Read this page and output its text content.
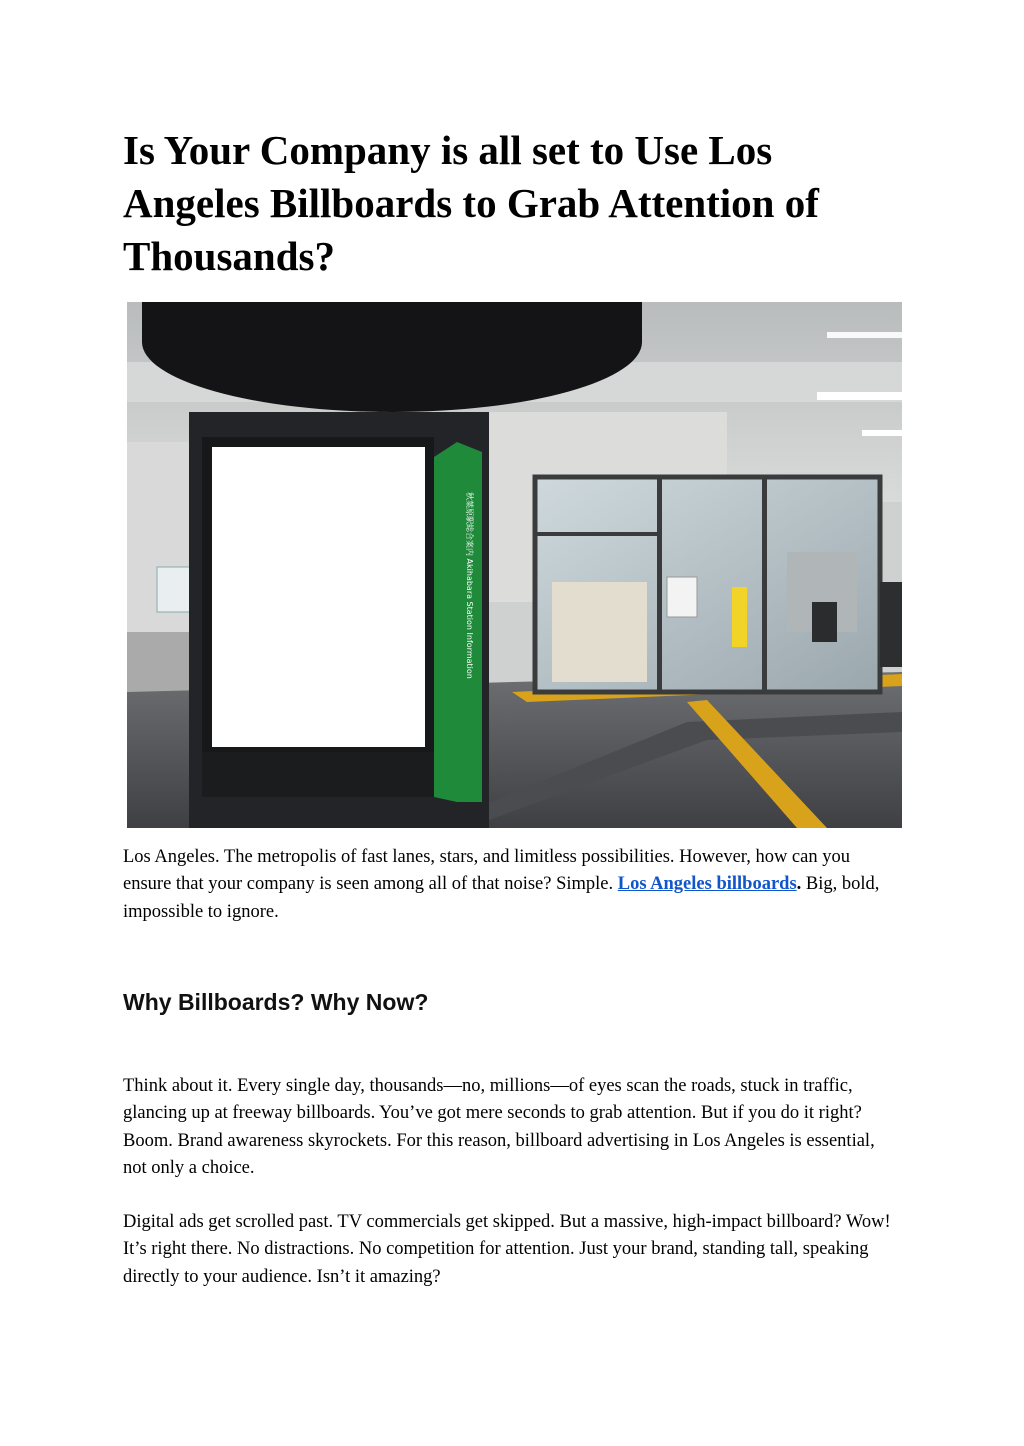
Is Your Company is all set to Use Los Angeles Billboards to Grab Attention of Thousands?
秋葉原駅総合案内 Akihabara Station Information

Los Angeles. The metropolis of fast lanes, stars, and limitless possibilities. However, how can you ensure that your company is seen among all of that noise? Simple. Los Angeles billboards. Big, bold, impossible to ignore.

Why Billboards? Why Now?

Think about it. Every single day, thousands—no, millions—of eyes scan the roads, stuck in traffic, glancing up at freeway billboards. You’ve got mere seconds to grab attention. But if you do it right? Boom. Brand awareness skyrockets. For this reason, billboard advertising in Los Angeles is essential, not only a choice.

Digital ads get scrolled past. TV commercials get skipped. But a massive, high-impact billboard? Wow! It’s right there. No distractions. No competition for attention. Just your brand, standing tall, speaking directly to your audience. Isn’t it amazing?
